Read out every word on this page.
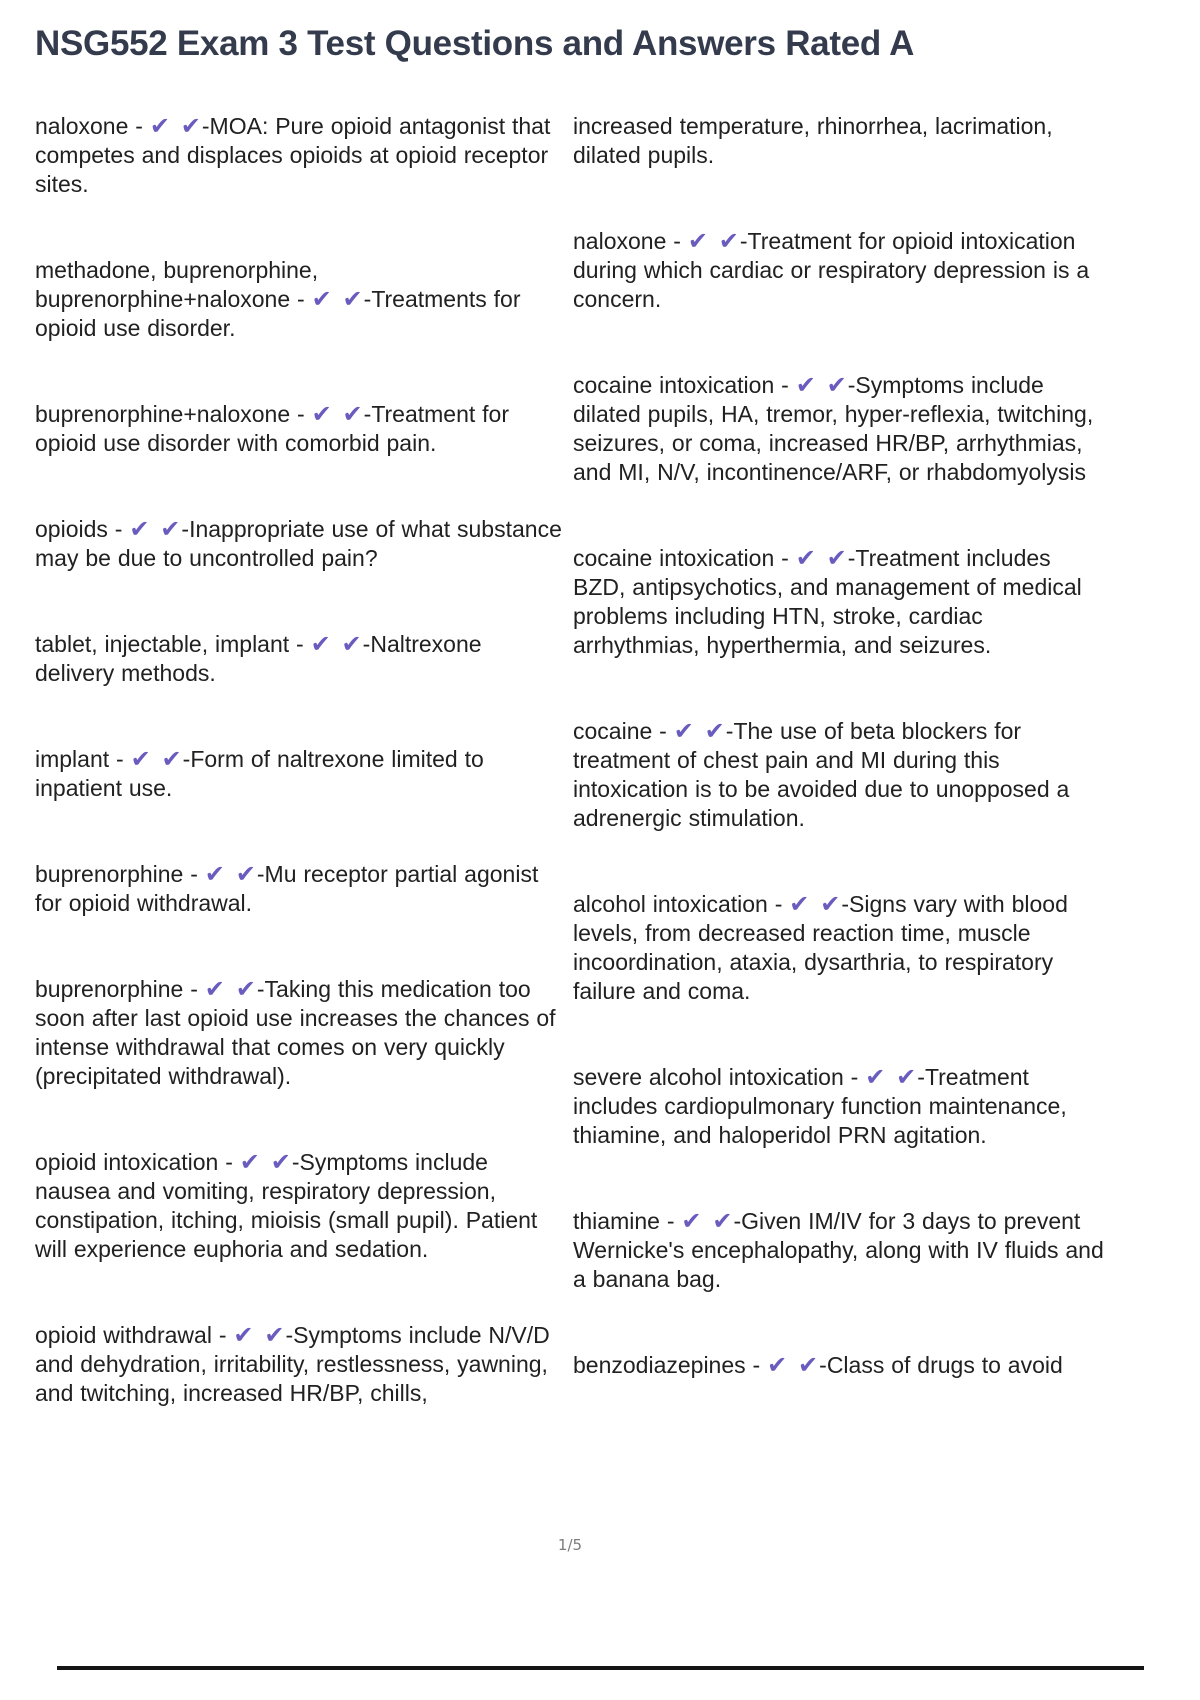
NSG552 Exam 3 Test Questions and Answers Rated A

naloxone - ✔ ✔-MOA: Pure opioid antagonist that competes and displaces opioids at opioid receptor sites.

methadone, buprenorphine, buprenorphine+naloxone - ✔ ✔-Treatments for opioid use disorder.

buprenorphine+naloxone - ✔ ✔-Treatment for opioid use disorder with comorbid pain.

opioids - ✔ ✔-Inappropriate use of what substance may be due to uncontrolled pain?

tablet, injectable, implant - ✔ ✔-Naltrexone delivery methods.

implant - ✔ ✔-Form of naltrexone limited to inpatient use.

buprenorphine - ✔ ✔-Mu receptor partial agonist for opioid withdrawal.

buprenorphine - ✔ ✔-Taking this medication too soon after last opioid use increases the chances of intense withdrawal that comes on very quickly (precipitated withdrawal).

opioid intoxication - ✔ ✔-Symptoms include nausea and vomiting, respiratory depression, constipation, itching, mioisis (small pupil). Patient will experience euphoria and sedation.

opioid withdrawal - ✔ ✔-Symptoms include N/V/D and dehydration, irritability, restlessness, yawning, and twitching, increased HR/BP, chills,

increased temperature, rhinorrhea, lacrimation, dilated pupils.

naloxone - ✔ ✔-Treatment for opioid intoxication during which cardiac or respiratory depression is a concern.

cocaine intoxication - ✔ ✔-Symptoms include dilated pupils, HA, tremor, hyper-reflexia, twitching, seizures, or coma, increased HR/BP, arrhythmias, and MI, N/V, incontinence/ARF, or rhabdomyolysis

cocaine intoxication - ✔ ✔-Treatment includes BZD, antipsychotics, and management of medical problems including HTN, stroke, cardiac arrhythmias, hyperthermia, and seizures.

cocaine - ✔ ✔-The use of beta blockers for treatment of chest pain and MI during this intoxication is to be avoided due to unopposed a adrenergic stimulation.

alcohol intoxication - ✔ ✔-Signs vary with blood levels, from decreased reaction time, muscle incoordination, ataxia, dysarthria, to respiratory failure and coma.

severe alcohol intoxication - ✔ ✔-Treatment includes cardiopulmonary function maintenance, thiamine, and haloperidol PRN agitation.

thiamine - ✔ ✔-Given IM/IV for 3 days to prevent Wernicke's encephalopathy, along with IV fluids and a banana bag.

benzodiazepines - ✔ ✔-Class of drugs to avoid

1/5
